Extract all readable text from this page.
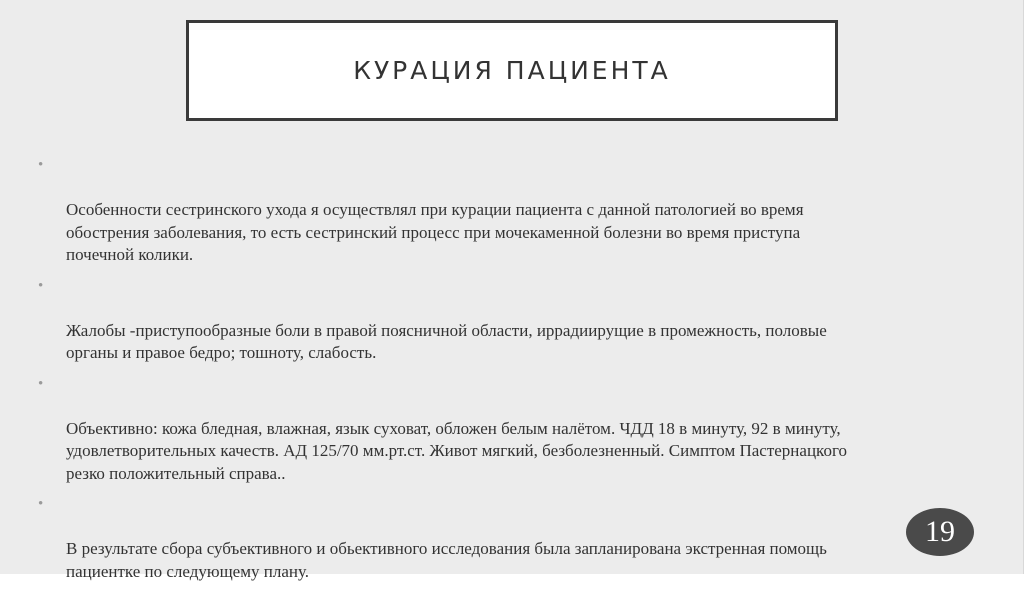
КУРАЦИЯ ПАЦИЕНТА

•

Особенности сестринского ухода я осуществлял при курации пациента с данной патологией во время
обострения заболевания, то есть сестринский процесс при мочекаменной болезни во время приступа
почечной колики.

•

Жалобы -приступообразные боли в правой поясничной области, иррадиирущие в промежность, половые
органы и правое бедро; тошноту, слабость.

•

Объективно: кожа бледная, влажная, язык суховат, обложен белым налётом. ЧДД 18 в минуту, 92 в минуту,
удовлетворительных качеств. АД 125/70 мм.рт.ст. Живот мягкий, безболезненный. Симптом Пастернацкого
резко положительный справа..

•

В результате сбора субъективного и обьективного исследования была запланирована экстренная помощь
пациентке по следующему плану.

19
